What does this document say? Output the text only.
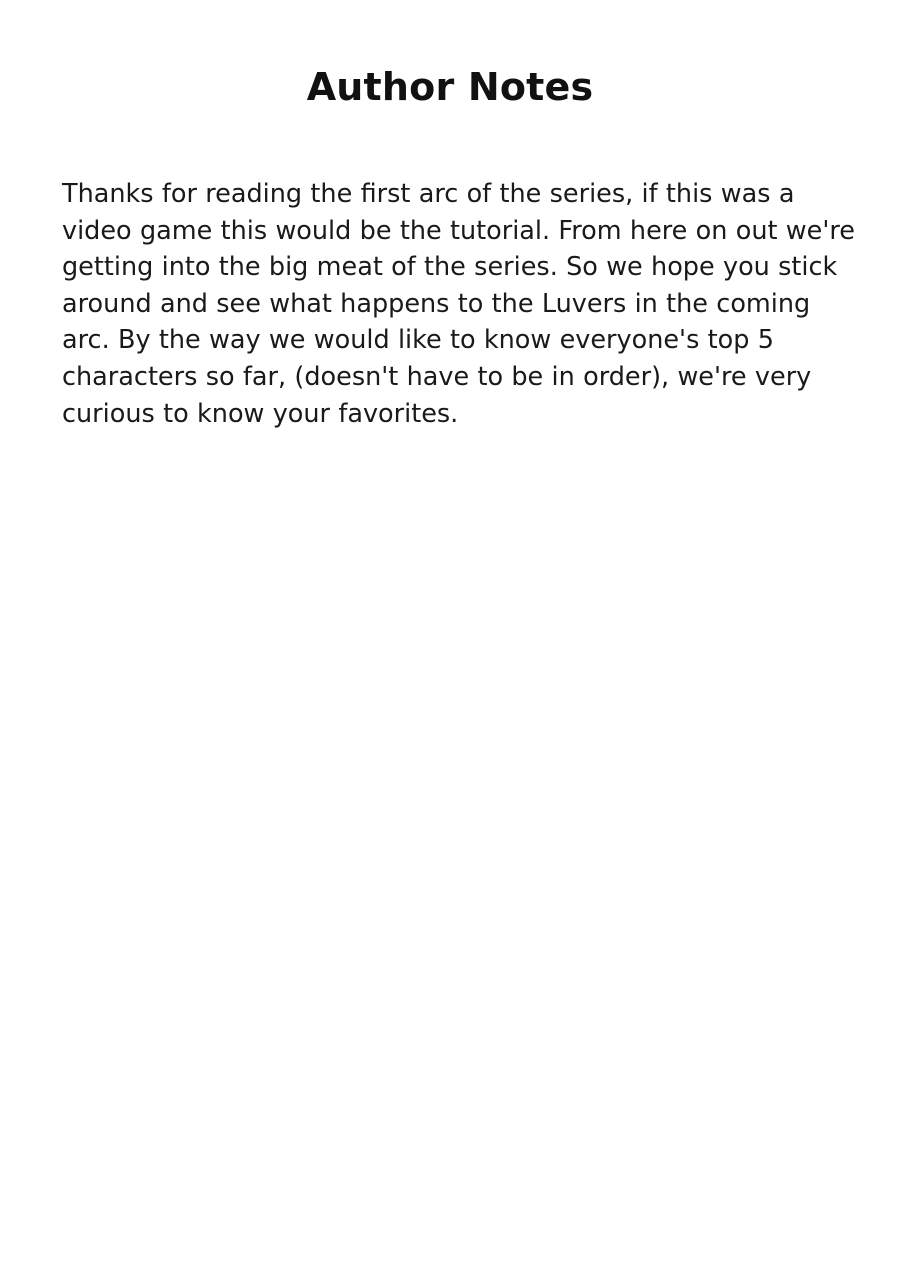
Author Notes
Thanks for reading the first arc of the series, if this was a video game this would be the tutorial. From here on out we're getting into the big meat of the series. So we hope you stick around and see what happens to the Luvers in the coming arc. By the way we would like to know everyone's top 5 characters so far, (doesn't have to be in order), we're very curious to know your favorites.
